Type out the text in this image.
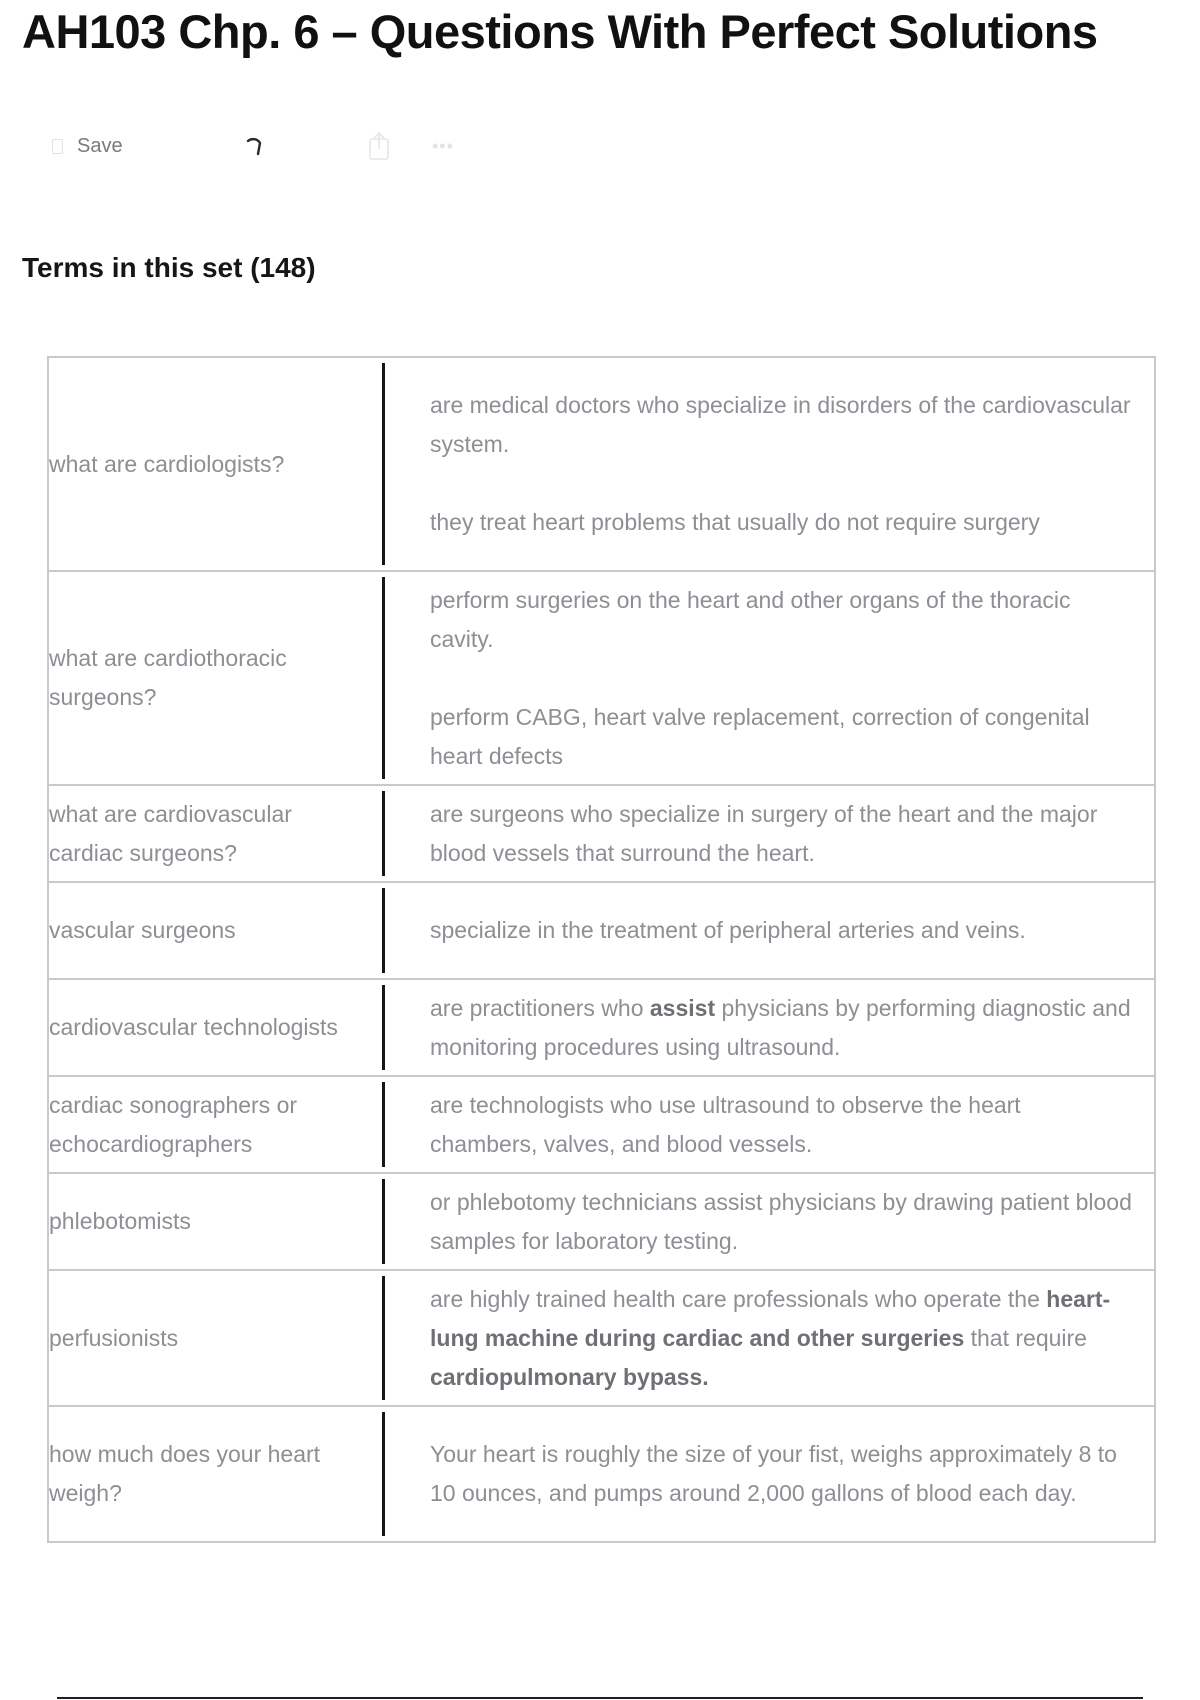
AH103 Chp. 6 – Questions With Perfect Solutions
Save	•••
Terms in this set (148)
what are cardiologists?		are medical doctors who specialize in disorders of the cardiovascular system.

they treat heart problems that usually do not require surgery

what are cardiothoracic surgeons?		perform surgeries on the heart and other organs of the thoracic cavity.

perform CABG, heart valve replacement, correction of congenital heart defects

what are cardiovascular cardiac surgeons?		are surgeons who specialize in surgery of the heart and the major blood vessels that surround the heart.

vascular surgeons		specialize in the treatment of peripheral arteries and veins.

cardiovascular technologists		are practitioners who assist physicians by performing diagnostic and monitoring procedures using ultrasound.

cardiac sonographers or echocardiographers		are technologists who use ultrasound to observe the heart chambers, valves, and blood vessels.

phlebotomists		or phlebotomy technicians assist physicians by drawing patient blood samples for laboratory testing.

perfusionists		are highly trained health care professionals who operate the heart-lung machine during cardiac and other surgeries that require cardiopulmonary bypass.

how much does your heart weigh?		Your heart is roughly the size of your fist, weighs approximately 8 to 10 ounces, and pumps around 2,000 gallons of blood each day.
